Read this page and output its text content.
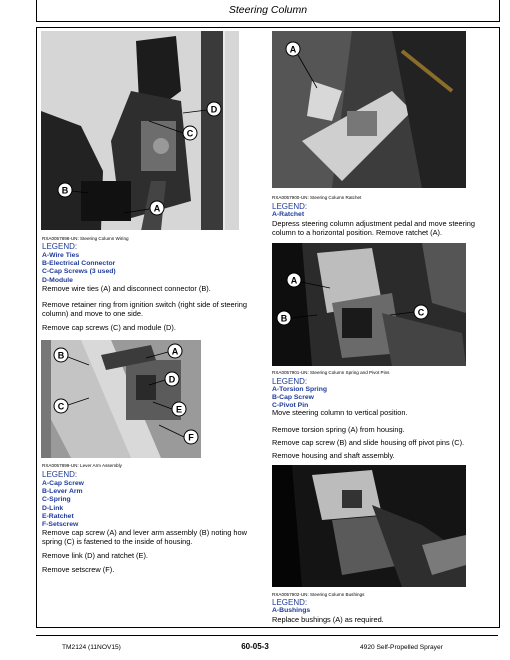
Steering Column
A
B
C
D
RXA0057898-UN: Steering Column Wiring
LEGEND:
A-Wire Ties
B-Electrical Connector
C-Cap Screws (3 used)
D-Module

Remove wire ties (A) and disconnect connector (B).

Remove retainer ring from ignition switch (right side of steering column) and move to one side.

Remove cap screws (C) and module (D).

A
B
C
D
E
F
RXA0057899-UN: Lever Arm Assembly
LEGEND:
A-Cap Screw
B-Lever Arm
C-Spring
D-Link
E-Ratchet
F-Setscrew

Remove cap screw (A) and lever arm assembly (B) noting how spring (C) is fastened to the inside of housing.

Remove link (D) and ratchet (E).

Remove setscrew (F).

A
RXA0057900-UN: Steering Column Ratchet
LEGEND:
A-Ratchet

Depress steering column adjustment pedal and move steering column to a horizontal position. Remove ratchet (A).

A
B
C
RXA0057901-UN: Steering Column Spring and Pivot Pins
LEGEND:
A-Torsion Spring
B-Cap Screw
C-Pivot Pin

Move steering column to vertical position.

Remove torsion spring (A) from housing.

Remove cap screw (B) and slide housing off pivot pins (C).

Remove housing and shaft assembly.

RXA0057902-UN: Steering Column Bushings
LEGEND:
A-Bushings

Replace bushings (A) as required.

TM2124 (11NOV15)	60-05-3	4920 Self-Propelled Sprayer
